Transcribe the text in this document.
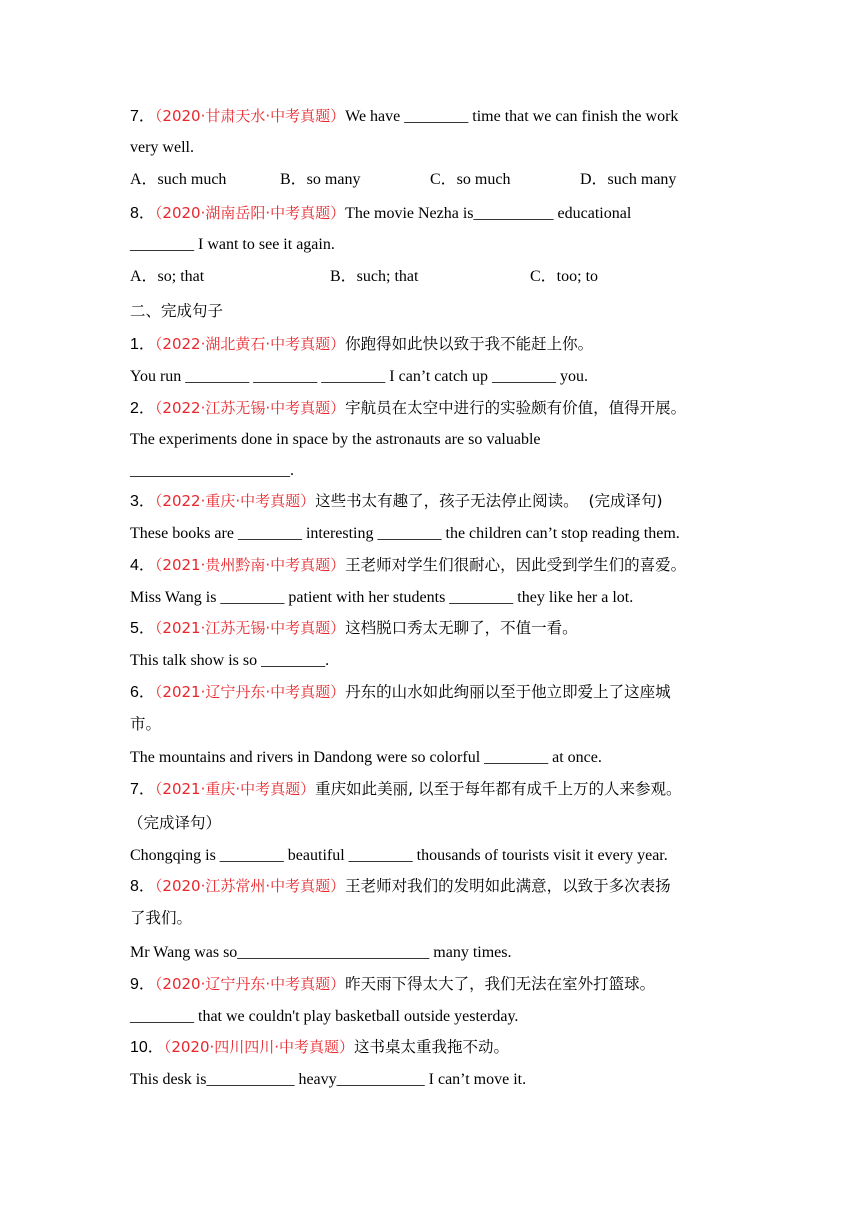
7．（2020·甘肃天水·中考真题）We have ________ time that we can finish the work
very well.
A．such much	B．so many	C．so much	D．such many
8．（2020·湖南岳阳·中考真题）The movie Nezha is__________ educational
________ I want to see it again.
A．so; that	B．such; that	C．too; to
二、完成句子
1．（2022·湖北黄石·中考真题）你跑得如此快以致于我不能赶上你。
You run ________ ________ ________ I can’t catch up ________ you.
2．（2022·江苏无锡·中考真题）宇航员在太空中进行的实验颇有价值，值得开展。
The experiments done in space by the astronauts are so valuable
____________________.
3．（2022·重庆·中考真题）这些书太有趣了，孩子无法停止阅读。  (完成译句)
These books are ________ interesting ________ the children can’t stop reading them.
4．（2021·贵州黔南·中考真题）王老师对学生们很耐心，因此受到学生们的喜爱。
Miss Wang is ________ patient with her students ________ they like her a lot.
5．（2021·江苏无锡·中考真题）这档脱口秀太无聊了，不值一看。
This talk show is so ________.
6．（2021·辽宁丹东·中考真题）丹东的山水如此绚丽以至于他立即爱上了这座城
市。
The mountains and rivers in Dandong were so colorful ________ at once.
7．（2021·重庆·中考真题）重庆如此美丽, 以至于每年都有成千上万的人来参观。
（完成译句）
Chongqing is ________ beautiful ________ thousands of tourists visit it every year.
8．（2020·江苏常州·中考真题）王老师对我们的发明如此满意，以致于多次表扬
了我们。
Mr Wang was so________________________ many times.
9．（2020·辽宁丹东·中考真题）昨天雨下得太大了，我们无法在室外打篮球。
________ that we couldn't play basketball outside yesterday.
10．（2020·四川四川·中考真题）这书桌太重我拖不动。
This desk is___________ heavy___________ I can’t move it.
